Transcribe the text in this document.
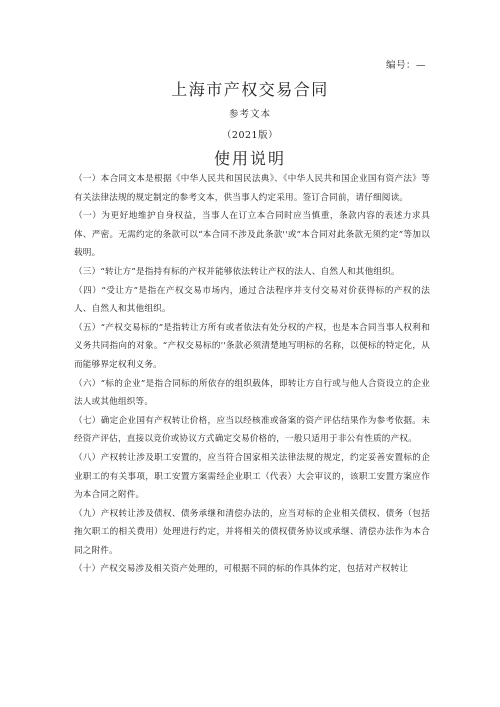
编号：—
上海市产权交易合同
参考文本
（2021版）
使用说明

（一）本合同文本是根据《中华人民共和国民法典》、《中华人民共和国企业国有资产法》等有关法律法规的规定制定的参考文本，供当事人约定采用。签订合同前，请仔细阅读。

（一）为更好地维护自身权益，当事人在订立本合同时应当慎重，条款内容的表述力求具体、严密。无需约定的条款可以“本合同不涉及此条款''或”本合同对此条款无须约定”等加以载明。

（三）“转让方”是指持有标的产权并能够依法转让产权的法人、自然人和其他组织。

（四）“受让方”是指在产权交易市场内，通过合法程序并支付交易对价获得标的产权的法人、自然人和其他组织。

（五）“产权交易标的”是指转让方所有或者依法有处分权的产权，也是本合同当事人权利和义务共同指向的对象。“产权交易标的''条款必须清楚地写明标的名称，以便标的特定化，从而能够界定权利义务。

（六）“标的企业”是指合同标的所依存的组织载体，即转让方自行或与他人合资设立的企业法人或其他组织等。

（七）确定企业国有产权转让价格，应当以经核准或备案的资产评估结果作为参考依据。未经资产评估，直接以竞价或协议方式确定交易价格的，一般只适用于非公有性质的产权。

（八）产权转让涉及职工安置的，应当符合国家相关法律法规的规定，约定妥善安置标的企业职工的有关事项，职工安置方案需经企业职工（代表）大会审议的，该职工安置方案应作为本合同之附件。

（九）产权转让涉及债权、债务承继和清偿办法的，应当对标的企业相关债权、债务（包括拖欠职工的相关费用）处理进行约定，并将相关的债权债务协议或承继、清偿办法作为本合同之附件。

（十）产权交易涉及相关资产处理的，可根据不同的标的作具体约定，包括对产权转让
